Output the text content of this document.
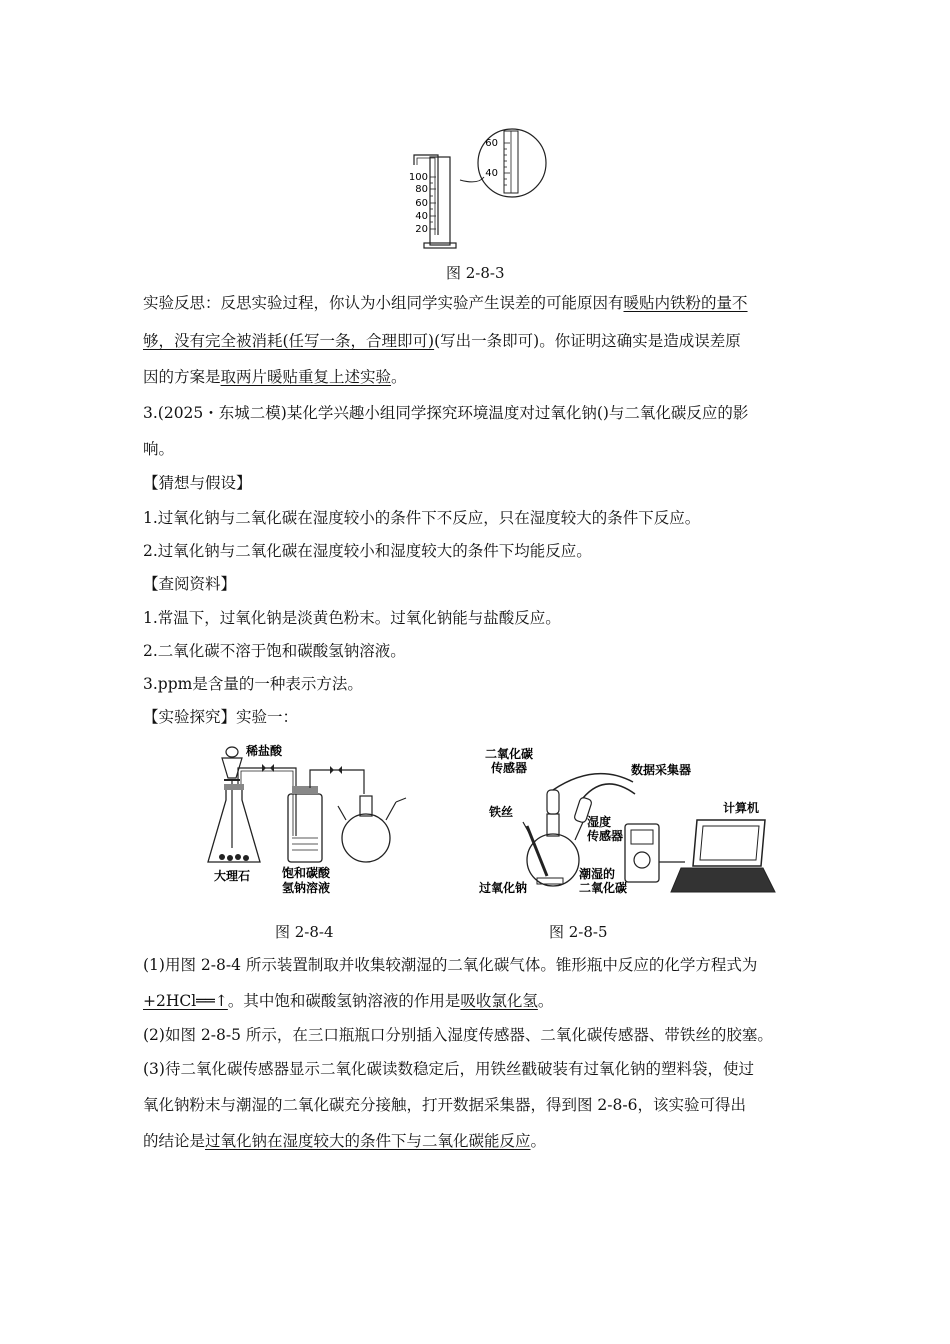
100
80
60
40
20
60
40
图 2-8-3
实验反思：反思实验过程，你认为小组同学实验产生误差的可能原因有暖贴内铁粉的量不
够，没有完全被消耗(任写一条，合理即可)(写出一条即可)。你证明这确实是造成误差原
因的方案是取两片暖贴重复上述实验。
3.(2025・东城二模)某化学兴趣小组同学探究环境温度对过氧化钠()与二氧化碳反应的影
响。
【猜想与假设】
1.过氧化钠与二氧化碳在湿度较小的条件下不反应，只在湿度较大的条件下反应。
2.过氧化钠与二氧化碳在湿度较小和湿度较大的条件下均能反应。
【查阅资料】
1.常温下，过氧化钠是淡黄色粉末。过氧化钠能与盐酸反应。
2.二氧化碳不溶于饱和碳酸氢钠溶液。
3.ppm是含量的一种表示方法。
【实验探究】实验一：
稀盐酸
大理石	饱和碳酸
氢钠溶液
图 2-8-4
二氧化碳
传感器
铁丝
过氧化钠
湿度
传感器
潮湿的
二氧化碳
数据采集器
计算机
图 2-8-5
(1)用图 2-8-4 所示装置制取并收集较潮湿的二氧化碳气体。锥形瓶中反应的化学方程式为
+2HCl══↑。其中饱和碳酸氢钠溶液的作用是吸收氯化氢。
(2)如图 2-8-5 所示，在三口瓶瓶口分别插入湿度传感器、二氧化碳传感器、带铁丝的胶塞。
(3)待二氧化碳传感器显示二氧化碳读数稳定后，用铁丝戳破装有过氧化钠的塑料袋，使过
氧化钠粉末与潮湿的二氧化碳充分接触，打开数据采集器，得到图 2-8-6，该实验可得出
的结论是过氧化钠在湿度较大的条件下与二氧化碳能反应。
